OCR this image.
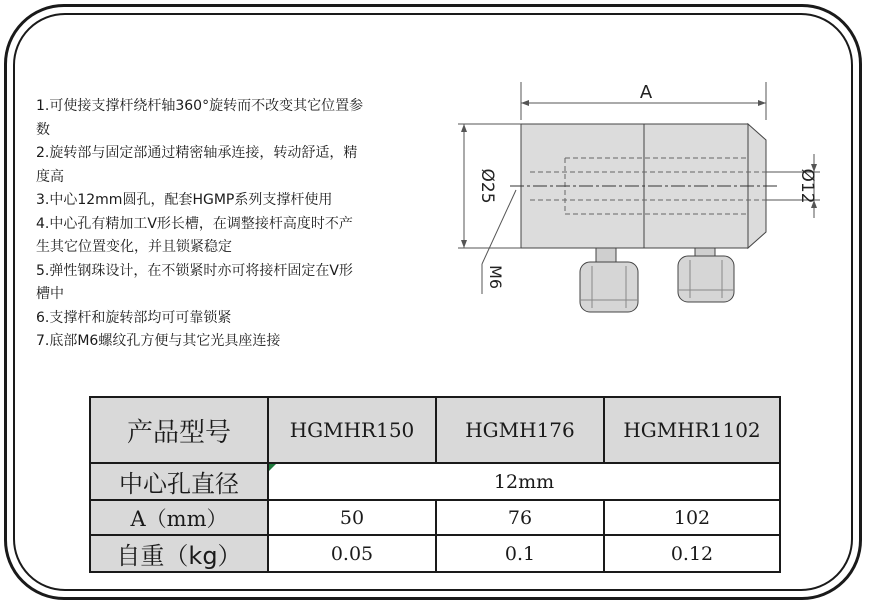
1.可使接支撑杆绕杆轴360°旋转而不改变其它位置参
数
2.旋转部与固定部通过精密轴承连接，转动舒适，精
度高
3.中心12mm圆孔，配套HGMP系列支撑杆使用
4.中心孔有精加工V形长槽，在调整接杆高度时不产
生其它位置变化，并且锁紧稳定
5.弹性钢珠设计，在不锁紧时亦可将接杆固定在V形
槽中
6.支撑杆和旋转部均可可靠锁紧
7.底部M6螺纹孔方便与其它光具座连接
A
Ø25	Ø12
M6
产品型号	HGMHR150	HGMH176	HGMHR1102
中心孔直径	12mm		
A（mm）	50	76	102
自重（kg）	0.05	0.1	0.12
